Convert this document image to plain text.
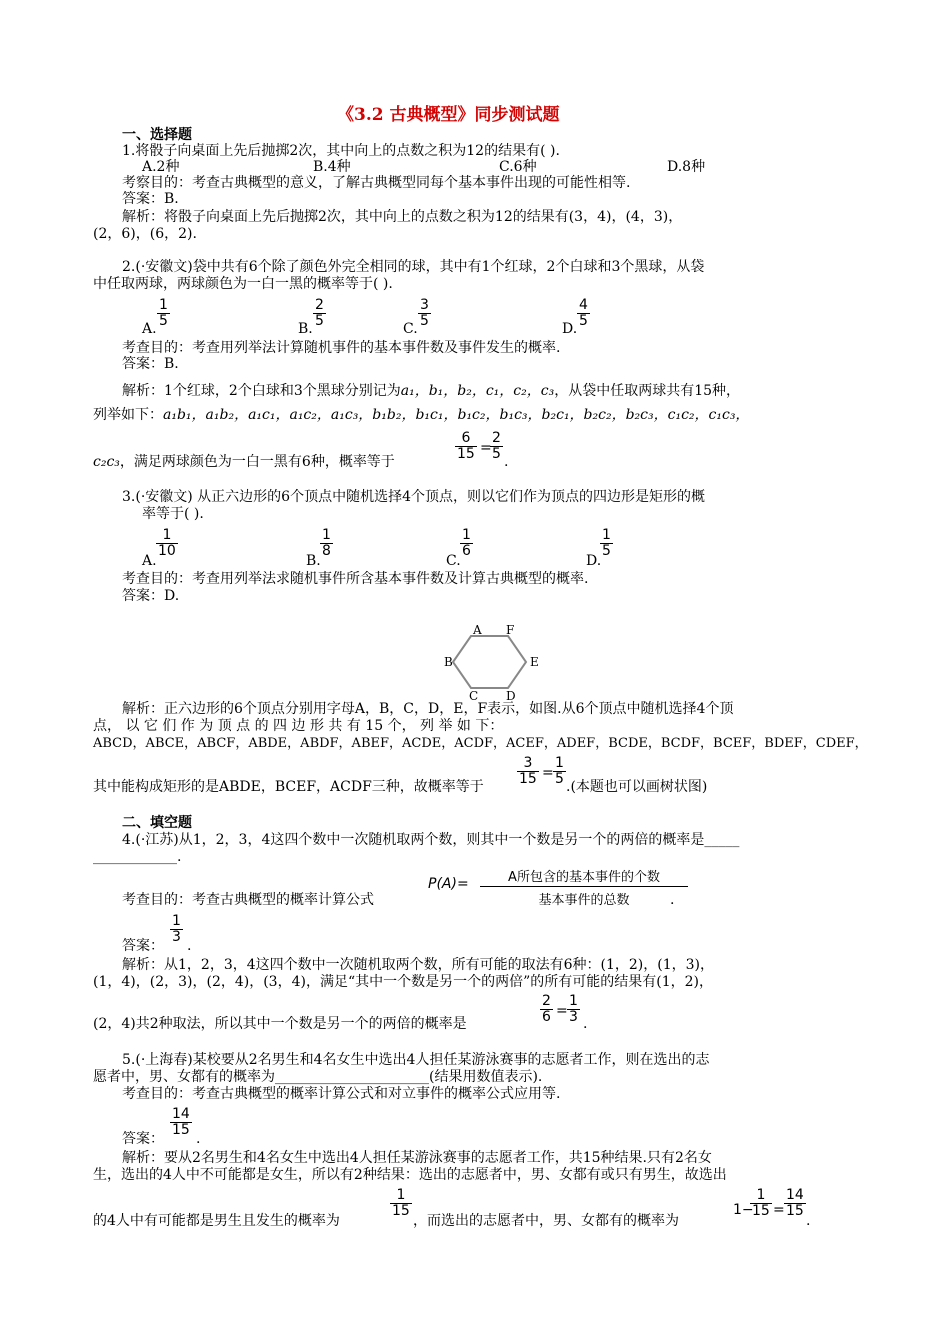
《3.2 古典概型》同步测试题
一、选择题
1.将骰子向桌面上先后抛掷2次，其中向上的点数之积为12的结果有( ).
A.2种	B.4种	C.6种	D.8种
考察目的：考查古典概型的意义，了解古典概型同每个基本事件出现的可能性相等.
答案：B.
解析：将骰子向桌面上先后抛掷2次，其中向上的点数之积为12的结果有(3，4)，(4，3)，
(2，6)，(6，2).
2.(·安徽文)袋中共有6个除了颜色外完全相同的球，其中有1个红球，2个白球和3个黑球，从袋
中任取两球，两球颜色为一白一黑的概率等于( ).
A.
1
5	B.
2
5	C.
3
5	D.
4
5
考查目的：考查用列举法计算随机事件的基本事件数及事件发生的概率.
答案：B.
解析：1个红球，2个白球和3个黑球分别记为a₁，b₁，b₂，c₁，c₂，c₃，从袋中任取两球共有15种，
列举如下：a₁b₁，a₁b₂，a₁c₁，a₁c₂，a₁c₃，b₁b₂，b₁c₁，b₁c₂，b₁c₃，b₂c₁，b₂c₂，b₂c₃，c₁c₂，c₁c₃，
c₂c₃，满足两球颜色为一白一黑有6种，概率等于
6
15 =
2
5 .
3.(·安徽文) 从正六边形的6个顶点中随机选择4个顶点，则以它们作为顶点的四边形是矩形的概
率等于( ).
A.
1
10
B.
1
8
C.
1
6
D.
1
5
考查目的：考查用列举法求随机事件所含基本事件数及计算古典概型的概率.
答案：D.
A F
B	E
C D
解析：正六边形的6个顶点分别用字母A，B，C，D，E，F表示，如图.从6个顶点中随机选择4个顶
点， 以 它 们 作 为 顶 点 的 四 边 形 共 有 15 个， 列 举 如 下：
ABCD，ABCE，ABCF，ABDE，ABDF，ABEF，ACDE，ACDF，ACEF，ADEF，BCDE，BCDF，BCEF，BDEF，CDEF，
其中能构成矩形的是ABDE，BCEF，ACDF三种，故概率等于
3
15 =
1
5 .(本题也可以画树状图)
二、填空题
4.(·江苏)从1，2，3，4这四个数中一次随机取两个数，则其中一个数是另一个的两倍的概率是_____
____________.
考查目的：考查古典概型的概率计算公式
P(A)=	A所包含的基本事件的个数
基本事件的总数	.
答案：
1
3
.
解析：从1，2，3，4这四个数中一次随机取两个数，所有可能的取法有6种：(1，2)，(1，3)，
(1，4)，(2，3)，(2，4)，(3，4)，满足“其中一个数是另一个的两倍”的所有可能的结果有(1，2)，
(2，4)共2种取法，所以其中一个数是另一个的两倍的概率是
2
6 =
1
3 .
5.(·上海春)某校要从2名男生和4名女生中选出4人担任某游泳赛事的志愿者工作，则在选出的志
愿者中，男、女都有的概率为______________________(结果用数值表示).
考查目的：考查古典概型的概率计算公式和对立事件的概率公式应用等.
答案：
14
15
.
解析：要从2名男生和4名女生中选出4人担任某游泳赛事的志愿者工作，共15种结果.只有2名女
生，选出的4人中不可能都是女生，所以有2种结果：选出的志愿者中，男、女都有或只有男生，故选出
的4人中有可能都是男生且发生的概率为
1
15
，而选出的志愿者中，男、女都有的概率为
1−
1
15 =
14
15
.
